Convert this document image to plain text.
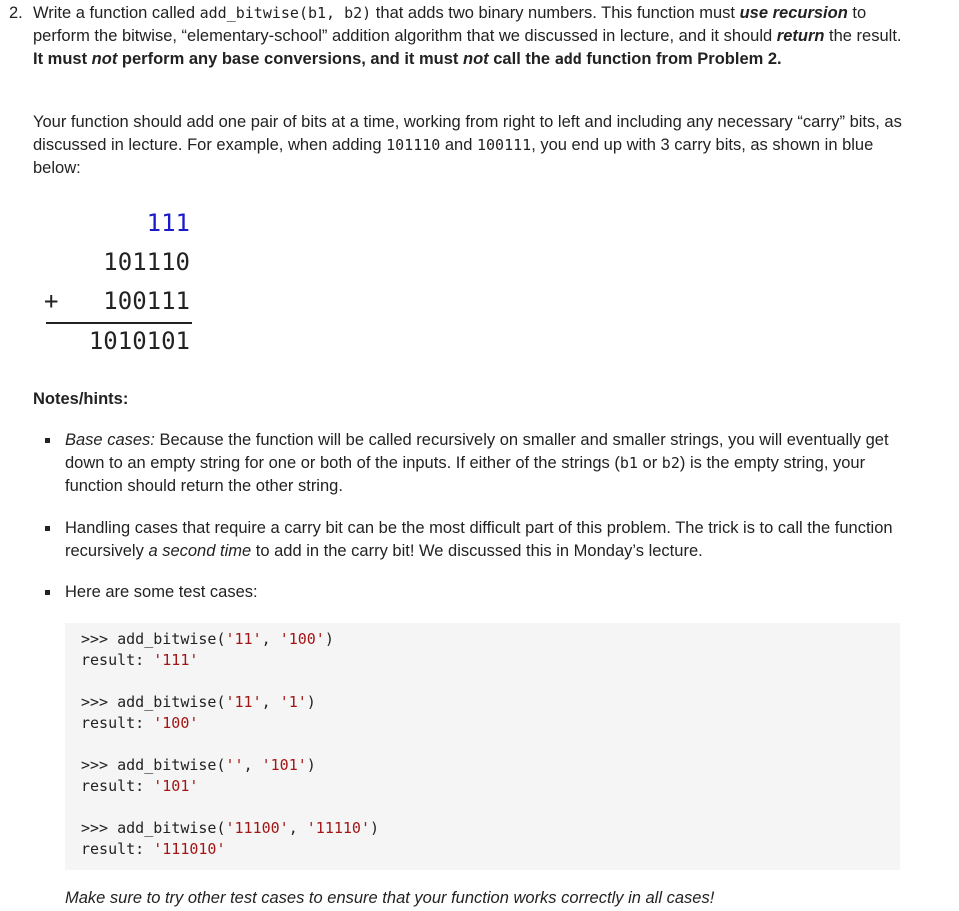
2. Write a function called add_bitwise(b1, b2) that adds two binary numbers. This function must use recursion to perform the bitwise, “elementary-school” addition algorithm that we discussed in lecture, and it should return the result. It must not perform any base conversions, and it must not call the add function from Problem 2.

Your function should add one pair of bits at a time, working from right to left and including any necessary “carry” bits, as discussed in lecture. For example, when adding 101110 and 100111, you end up with 3 carry bits, as shown in blue below:

111
101110
+ 100111
1010101

Notes/hints:

Base cases: Because the function will be called recursively on smaller and smaller strings, you will eventually get down to an empty string for one or both of the inputs. If either of the strings (b1 or b2) is the empty string, your function should return the other string.

Handling cases that require a carry bit can be the most difficult part of this problem. The trick is to call the function recursively a second time to add in the carry bit! We discussed this in Monday’s lecture.

Here are some test cases:

>>> add_bitwise('11', '100')
result: '111'
>>> add_bitwise('11', '1')
result: '100'
>>> add_bitwise('', '101')
result: '101'
>>> add_bitwise('11100', '11110')
result: '111010'

Make sure to try other test cases to ensure that your function works correctly in all cases!
